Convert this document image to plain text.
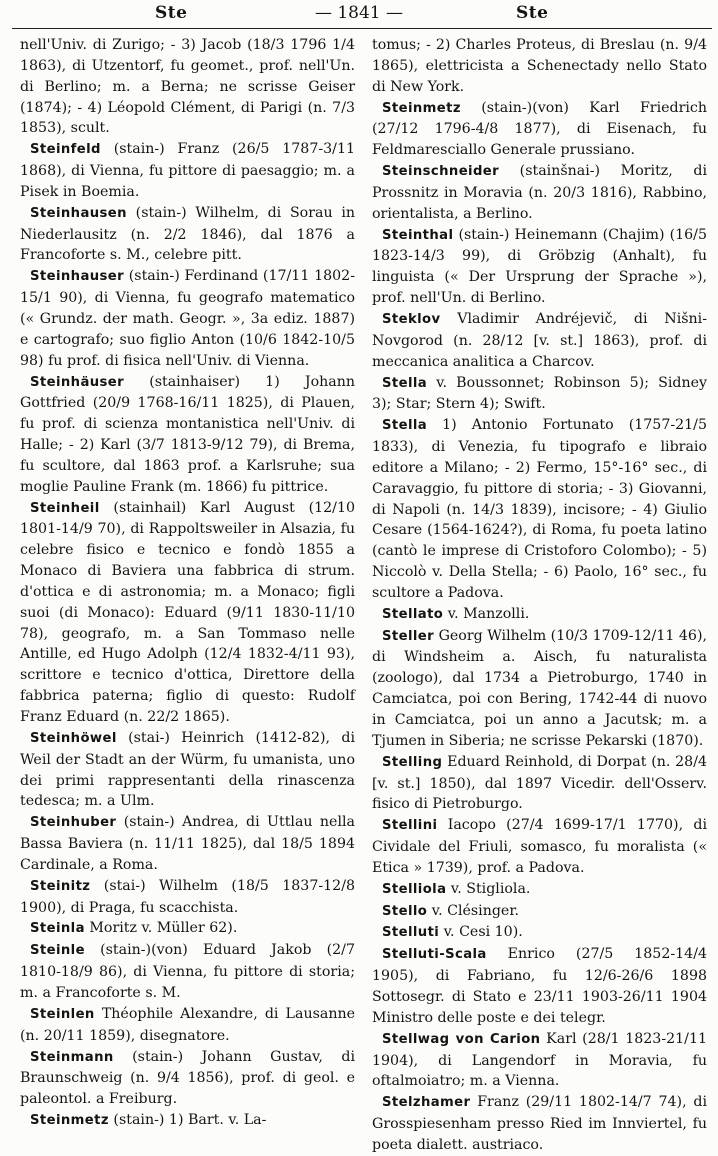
Ste	— 1841 —	Ste

nell'Univ. di Zurigo; - 3) Jacob (18/3 1796 1/4 1863), di Utzentorf, fu geomet., prof. nell'Un. di Berlino; m. a Berna; ne scrisse Geiser (1874); - 4) Léopold Clément, di Parigi (n. 7/3 1853), scult.

Steinfeld (stain-) Franz (26/5 1787-3/11 1868), di Vienna, fu pittore di paesaggio; m. a Pisek in Boemia.

Steinhausen (stain-) Wilhelm, di Sorau in Niederlausitz (n. 2/2 1846), dal 1876 a Francoforte s. M., celebre pitt.

Steinhauser (stain-) Ferdinand (17/11 1802-15/1 90), di Vienna, fu geografo matematico (« Grundz. der math. Geogr. », 3a ediz. 1887) e cartografo; suo figlio Anton (10/6 1842-10/5 98) fu prof. di fisica nell'Univ. di Vienna.

Steinhäuser (stainhaiser) 1) Johann Gottfried (20/9 1768-16/11 1825), di Plauen, fu prof. di scienza montanistica nell'Univ. di Halle; - 2) Karl (3/7 1813-9/12 79), di Brema, fu scultore, dal 1863 prof. a Karlsruhe; sua moglie Pauline Frank (m. 1866) fu pittrice.

Steinheil (stainhail) Karl August (12/10 1801-14/9 70), di Rappoltsweiler in Alsazia, fu celebre fisico e tecnico e fondò 1855 a Monaco di Baviera una fabbrica di strum. d'ottica e di astronomia; m. a Monaco; figli suoi (di Monaco): Eduard (9/11 1830-11/10 78), geografo, m. a San Tommaso nelle Antille, ed Hugo Adolph (12/4 1832-4/11 93), scrittore e tecnico d'ottica, Direttore della fabbrica paterna; figlio di questo: Rudolf Franz Eduard (n. 22/2 1865).

Steinhöwel (stai-) Heinrich (1412-82), di Weil der Stadt an der Würm, fu umanista, uno dei primi rappresentanti della rinascenza tedesca; m. a Ulm.

Steinhuber (stain-) Andrea, di Uttlau nella Bassa Baviera (n. 11/11 1825), dal 18/5 1894 Cardinale, a Roma.

Steinitz (stai-) Wilhelm (18/5 1837-12/8 1900), di Praga, fu scacchista.

Steinla Moritz v. Müller 62).

Steinle (stain-)(von) Eduard Jakob (2/7 1810-18/9 86), di Vienna, fu pittore di storia; m. a Francoforte s. M.

Steinlen Théophile Alexandre, di Lausanne (n. 20/11 1859), disegnatore.

Steinmann (stain-) Johann Gustav, di Braunschweig (n. 9/4 1856), prof. di geol. e paleontol. a Freiburg.

Steinmetz (stain-) 1) Bart. v. La-

tomus; - 2) Charles Proteus, di Breslau (n. 9/4 1865), elettricista a Schenectady nello Stato di New York.

Steinmetz (stain-)(von) Karl Friedrich (27/12 1796-4/8 1877), di Eisenach, fu Feldmaresciallo Generale prussiano.

Steinschneider (stainšnai-) Moritz, di Prossnitz in Moravia (n. 20/3 1816), Rabbino, orientalista, a Berlino.

Steinthal (stain-) Heinemann (Chajim) (16/5 1823-14/3 99), di Gröbzig (Anhalt), fu linguista (« Der Ursprung der Sprache »), prof. nell'Un. di Berlino.

Steklov Vladimir Andréjevič, di Nišni-Novgorod (n. 28/12 [v. st.] 1863), prof. di meccanica analitica a Charcov.

Stella v. Boussonnet; Robinson 5); Sidney 3); Star; Stern 4); Swift.

Stella 1) Antonio Fortunato (1757-21/5 1833), di Venezia, fu tipografo e libraio editore a Milano; - 2) Fermo, 15°-16° sec., di Caravaggio, fu pittore di storia; - 3) Giovanni, di Napoli (n. 14/3 1839), incisore; - 4) Giulio Cesare (1564-1624?), di Roma, fu poeta latino (cantò le imprese di Cristoforo Colombo); - 5) Niccolò v. Della Stella; - 6) Paolo, 16° sec., fu scultore a Padova.

Stellato v. Manzolli.

Steller Georg Wilhelm (10/3 1709-12/11 46), di Windsheim a. Aisch, fu naturalista (zoologo), dal 1734 a Pietroburgo, 1740 in Camciatca, poi con Bering, 1742-44 di nuovo in Camciatca, poi un anno a Jacutsk; m. a Tjumen in Siberia; ne scrisse Pekarski (1870).

Stelling Eduard Reinhold, di Dorpat (n. 28/4 [v. st.] 1850), dal 1897 Vicedir. dell'Osserv. fisico di Pietroburgo.

Stellini Iacopo (27/4 1699-17/1 1770), di Cividale del Friuli, somasco, fu moralista (« Etica » 1739), prof. a Padova.

Stelliola v. Stigliola.

Stello v. Clésinger.

Stelluti v. Cesi 10).

Stelluti-Scala Enrico (27/5 1852-14/4 1905), di Fabriano, fu 12/6-26/6 1898 Sottosegr. di Stato e 23/11 1903-26/11 1904 Ministro delle poste e dei telegr.

Stellwag von Carion Karl (28/1 1823-21/11 1904), di Langendorf in Moravia, fu oftalmoiatro; m. a Vienna.

Stelzhamer Franz (29/11 1802-14/7 74), di Grosspiesenham presso Ried im Innviertel, fu poeta dialett. austriaco.
